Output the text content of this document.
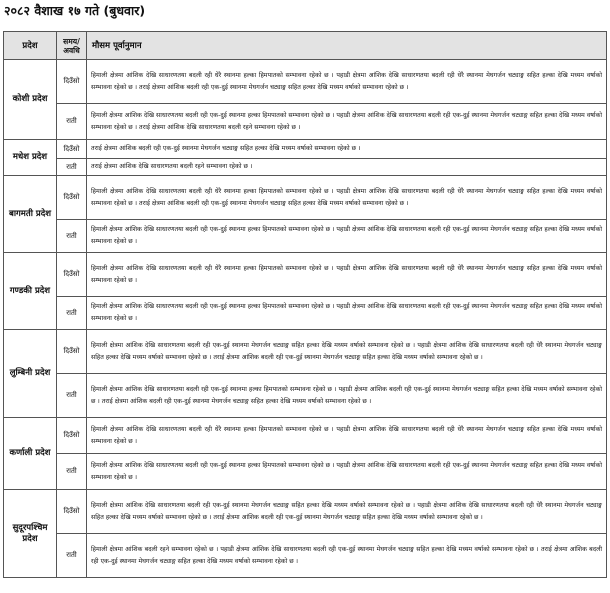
२०८२ वैशाख १७ गते (बुधवार)
प्रदेश	समय/ अवधि	मौसम पूर्वानुमान
कोशी प्रदेश	दिउँसो	हिमाली क्षेत्रमा आंशिक देखि साधारणतया बदली रही धेरै स्थानमा हल्का हिमपातको सम्भावना रहेको छ । पहाडी क्षेत्रमा आंशिक देखि साधारणतया बदली रही धेरै स्थानमा मेघगर्जन चट्याङ्ग सहित हल्का देखि मध्यम वर्षाको सम्भावना रहेको छ । तराई क्षेत्रमा आंशिक बदली रही एक-दुई स्थानमा मेघगर्जन चट्याङ्ग सहित हल्का देखि मध्यम वर्षाको सम्भावना रहेको छ ।
	राती	हिमाली क्षेत्रमा आंशिक देखि साधारणतया बदली रही एक-दुई स्थानमा हल्का हिमपातको सम्भावना रहेको छ । पहाडी क्षेत्रमा आंशिक देखि साधारणतया बदली रही एक-दुई स्थानमा मेघगर्जन चट्याङ्ग सहित हल्का देखि मध्यम वर्षाको सम्भावना रहेको छ । तराई क्षेत्रमा आंशिक देखि साधारणतया बदली रहने सम्भावना रहेको छ ।
मधेश प्रदेश	दिउँसो	तराई क्षेत्रमा आंशिक बदली रही एक-दुई स्थानमा मेघगर्जन चट्याङ्ग सहित हल्का देखि मध्यम वर्षाको सम्भावना रहेको छ ।
	राती	तराई क्षेत्रमा आंशिक देखि साधारणतया बदली रहने सम्भावना रहेको छ ।
बागमती प्रदेश	दिउँसो	हिमाली क्षेत्रमा आंशिक देखि साधारणतया बदली रही धेरै स्थानमा हल्का हिमपातको सम्भावना रहेको छ । पहाडी क्षेत्रमा आंशिक देखि साधारणतया बदली रही धेरै स्थानमा मेघगर्जन चट्याङ्ग सहित हल्का देखि मध्यम वर्षाको सम्भावना रहेको छ । तराई क्षेत्रमा आंशिक बदली रही एक-दुई स्थानमा मेघगर्जन चट्याङ्ग सहित हल्का देखि मध्यम वर्षाको सम्भावना रहेको छ ।
	राती	हिमाली क्षेत्रमा आंशिक देखि साधारणतया बदली रही एक-दुई स्थानमा हल्का हिमपातको सम्भावना रहेको छ । पहाडी क्षेत्रमा आंशिक देखि साधारणतया बदली रही एक-दुई स्थानमा मेघगर्जन चट्याङ्ग सहित हल्का देखि मध्यम वर्षाको सम्भावना रहेको छ ।
गण्डकी प्रदेश	दिउँसो	हिमाली क्षेत्रमा आंशिक देखि साधारणतया बदली रही धेरै स्थानमा हल्का हिमपातको सम्भावना रहेको छ । पहाडी क्षेत्रमा आंशिक देखि साधारणतया बदली रही धेरै स्थानमा मेघगर्जन चट्याङ्ग सहित हल्का देखि मध्यम वर्षाको सम्भावना रहेको छ ।
	राती	हिमाली क्षेत्रमा आंशिक देखि साधारणतया बदली रही एक-दुई स्थानमा हल्का हिमपातको सम्भावना रहेको छ । पहाडी क्षेत्रमा आंशिक देखि साधारणतया बदली रही एक-दुई स्थानमा मेघगर्जन चट्याङ्ग सहित हल्का देखि मध्यम वर्षाको सम्भावना रहेको छ ।
लुम्बिनी प्रदेश	दिउँसो	हिमाली क्षेत्रमा आंशिक देखि साधारणतया बदली रही एक-दुई स्थानमा मेघगर्जन चट्याङ्ग सहित हल्का देखि मध्यम वर्षाको सम्भावना रहेको छ । पहाडी क्षेत्रमा आंशिक देखि साधारणतया बदली रही धेरै स्थानमा मेघगर्जन चट्याङ्ग सहित हल्का देखि मध्यम वर्षाको सम्भावना रहेको छ । तराई क्षेत्रमा आंशिक बदली रही एक-दुई स्थानमा मेघगर्जन चट्याङ्ग सहित हल्का देखि मध्यम वर्षाको सम्भावना रहेको छ ।
	राती	हिमाली क्षेत्रमा आंशिक देखि साधारणतया बदली रही एक-दुई स्थानमा हल्का हिमपातको सम्भावना रहेको छ । पहाडी क्षेत्रमा आंशिक बदली रही एक-दुई स्थानमा मेघगर्जन चट्याङ्ग सहित हल्का देखि मध्यम वर्षाको सम्भावना रहेको छ । तराई क्षेत्रमा आंशिक बदली रही एक-दुई स्थानमा मेघगर्जन चट्याङ्ग सहित हल्का देखि मध्यम वर्षाको सम्भावना रहेको छ ।
कर्णाली प्रदेश	दिउँसो	हिमाली क्षेत्रमा आंशिक देखि साधारणतया बदली रही धेरै स्थानमा हल्का हिमपातको सम्भावना रहेको छ । पहाडी क्षेत्रमा आंशिक देखि साधारणतया बदली रही धेरै स्थानमा मेघगर्जन चट्याङ्ग सहित हल्का देखि मध्यम वर्षाको सम्भावना रहेको छ ।
	राती	हिमाली क्षेत्रमा आंशिक देखि साधारणतया बदली रही एक-दुई स्थानमा हल्का हिमपातको सम्भावना रहेको छ । पहाडी क्षेत्रमा आंशिक देखि साधारणतया बदली रही एक-दुई स्थानमा मेघगर्जन चट्याङ्ग सहित हल्का देखि मध्यम वर्षाको सम्भावना रहेको छ ।
सुदूरपश्चिम प्रदेश	दिउँसो	हिमाली क्षेत्रमा आंशिक देखि साधारणतया बदली रही एक-दुई स्थानमा मेघगर्जन चट्याङ्ग सहित हल्का देखि मध्यम वर्षाको सम्भावना रहेको छ । पहाडी क्षेत्रमा आंशिक देखि साधारणतया बदली रही धेरै स्थानमा मेघगर्जन चट्याङ्ग सहित हल्का देखि मध्यम वर्षाको सम्भावना रहेको छ । तराई क्षेत्रमा आंशिक बदली रही एक-दुई स्थानमा मेघगर्जन चट्याङ्ग सहित हल्का देखि मध्यम वर्षाको सम्भावना रहेको छ ।
	राती	हिमाली क्षेत्रमा आंशिक बदली रहने सम्भावना रहेको छ । पहाडी क्षेत्रमा आंशिक देखि साधारणतया बदली रही एक-दुई स्थानमा मेघगर्जन चट्याङ्ग सहित हल्का देखि मध्यम वर्षाको सम्भावना रहेको छ । तराई क्षेत्रमा आंशिक बदली रही एक-दुई स्थानमा मेघगर्जन चट्याङ्ग सहित हल्का देखि मध्यम वर्षाको सम्भावना रहेको छ ।
